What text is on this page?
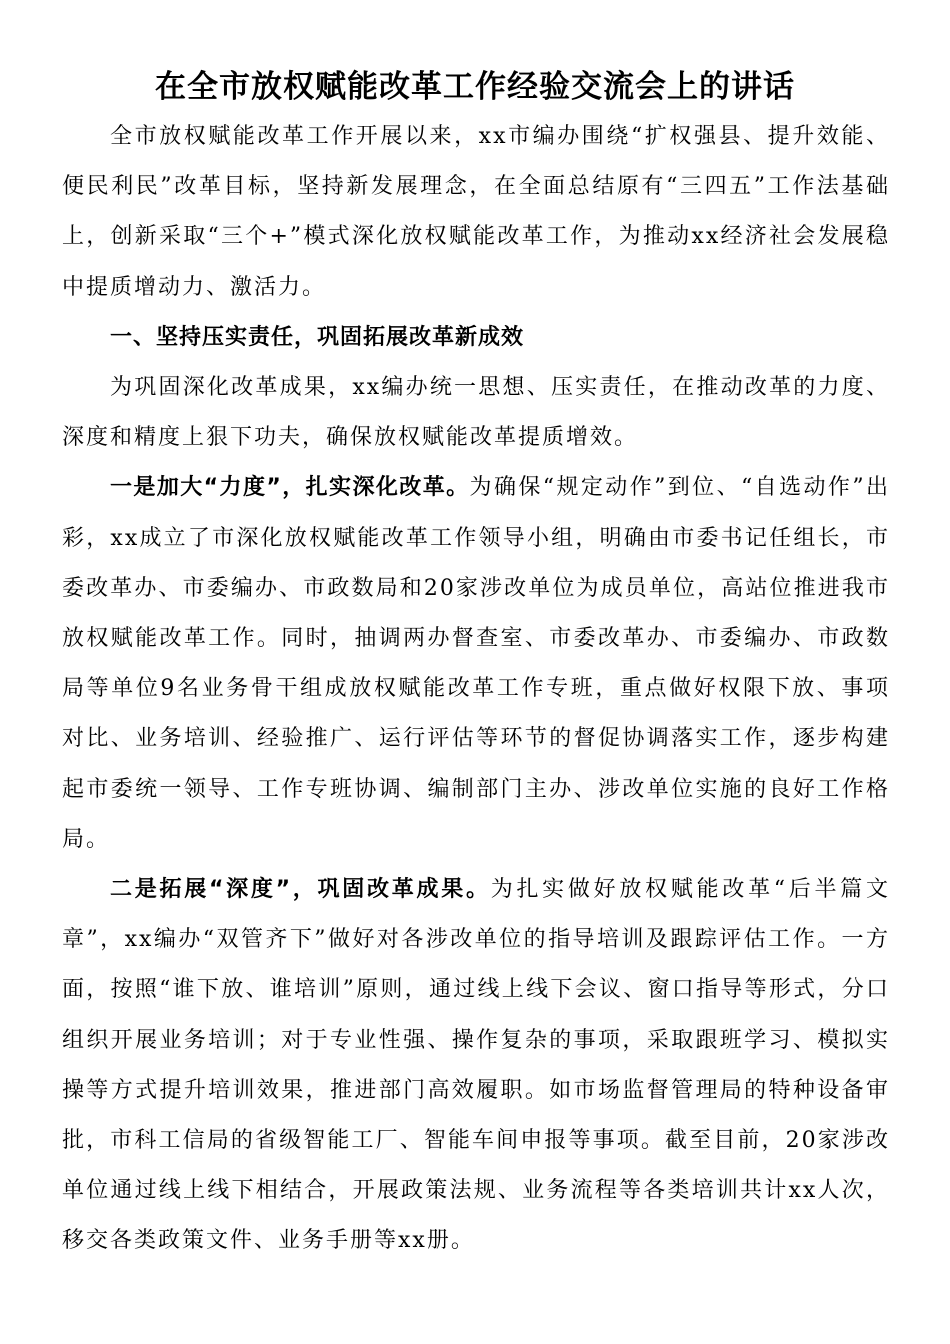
在全市放权赋能改革工作经验交流会上的讲话

全市放权赋能改革工作开展以来，xx市编办围绕“扩权强县、提升效能、便民利民”改革目标，坚持新发展理念，在全面总结原有“三四五”工作法基础上，创新采取“三个+”模式深化放权赋能改革工作，为推动xx经济社会发展稳中提质增动力、激活力。

一、坚持压实责任，巩固拓展改革新成效

为巩固深化改革成果，xx编办统一思想、压实责任，在推动改革的力度、深度和精度上狠下功夫，确保放权赋能改革提质增效。

一是加大“力度”，扎实深化改革。为确保“规定动作”到位、“自选动作”出彩，xx成立了市深化放权赋能改革工作领导小组，明确由市委书记任组长，市委改革办、市委编办、市政数局和20家涉改单位为成员单位，高站位推进我市放权赋能改革工作。同时，抽调两办督查室、市委改革办、市委编办、市政数局等单位9名业务骨干组成放权赋能改革工作专班，重点做好权限下放、事项对比、业务培训、经验推广、运行评估等环节的督促协调落实工作，逐步构建起市委统一领导、工作专班协调、编制部门主办、涉改单位实施的良好工作格局。

二是拓展“深度”，巩固改革成果。为扎实做好放权赋能改革“后半篇文章”，xx编办“双管齐下”做好对各涉改单位的指导培训及跟踪评估工作。一方面，按照“谁下放、谁培训”原则，通过线上线下会议、窗口指导等形式，分口组织开展业务培训；对于专业性强、操作复杂的事项，采取跟班学习、模拟实操等方式提升培训效果，推进部门高效履职。如市场监督管理局的特种设备审批，市科工信局的省级智能工厂、智能车间申报等事项。截至目前，20家涉改单位通过线上线下相结合，开展政策法规、业务流程等各类培训共计xx人次，移交各类政策文件、业务手册等xx册。
